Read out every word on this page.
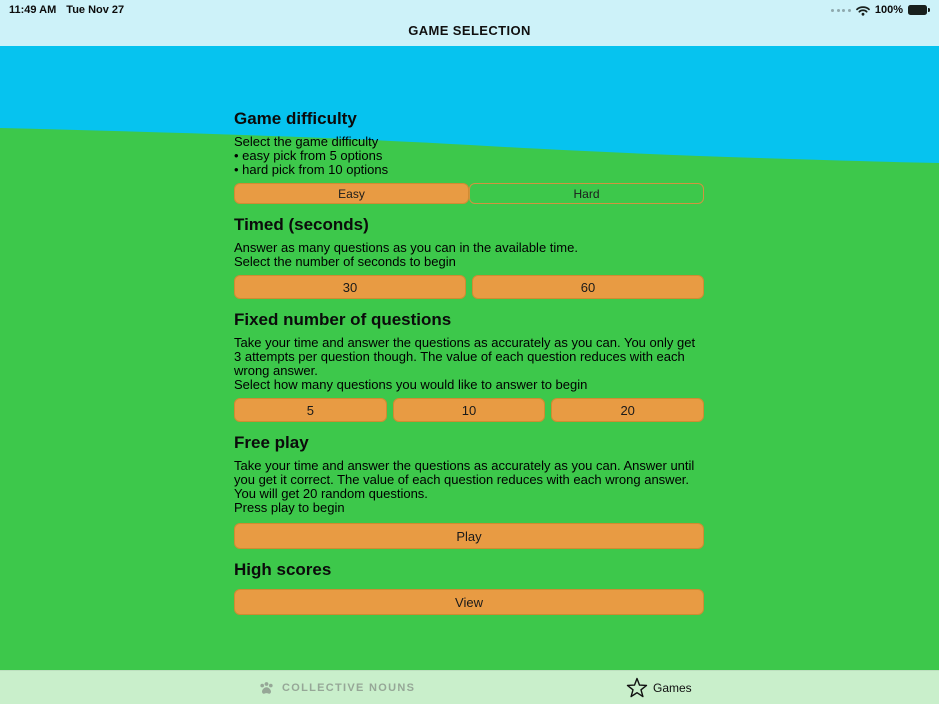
11:49 AM Tue Nov 27	100%
GAME SELECTION
Game difficulty

Select the game difficulty

• easy pick from 5 options

• hard pick from 10 options

Easy	Hard
Timed (seconds)

Answer as many questions as you can in the available time.

Select the number of seconds to begin

30	60
Fixed number of questions

Take your time and answer the questions as accurately as you can. You only get 3 attempts per question though. The value of each question reduces with each wrong answer.

Select how many questions you would like to answer to begin

5	10	20
Free play

Take your time and answer the questions as accurately as you can. Answer until you get it correct. The value of each question reduces with each wrong answer.

You will get 20 random questions.

Press play to begin

Play
High scores
View
COLLECTIVE NOUNS	Games
